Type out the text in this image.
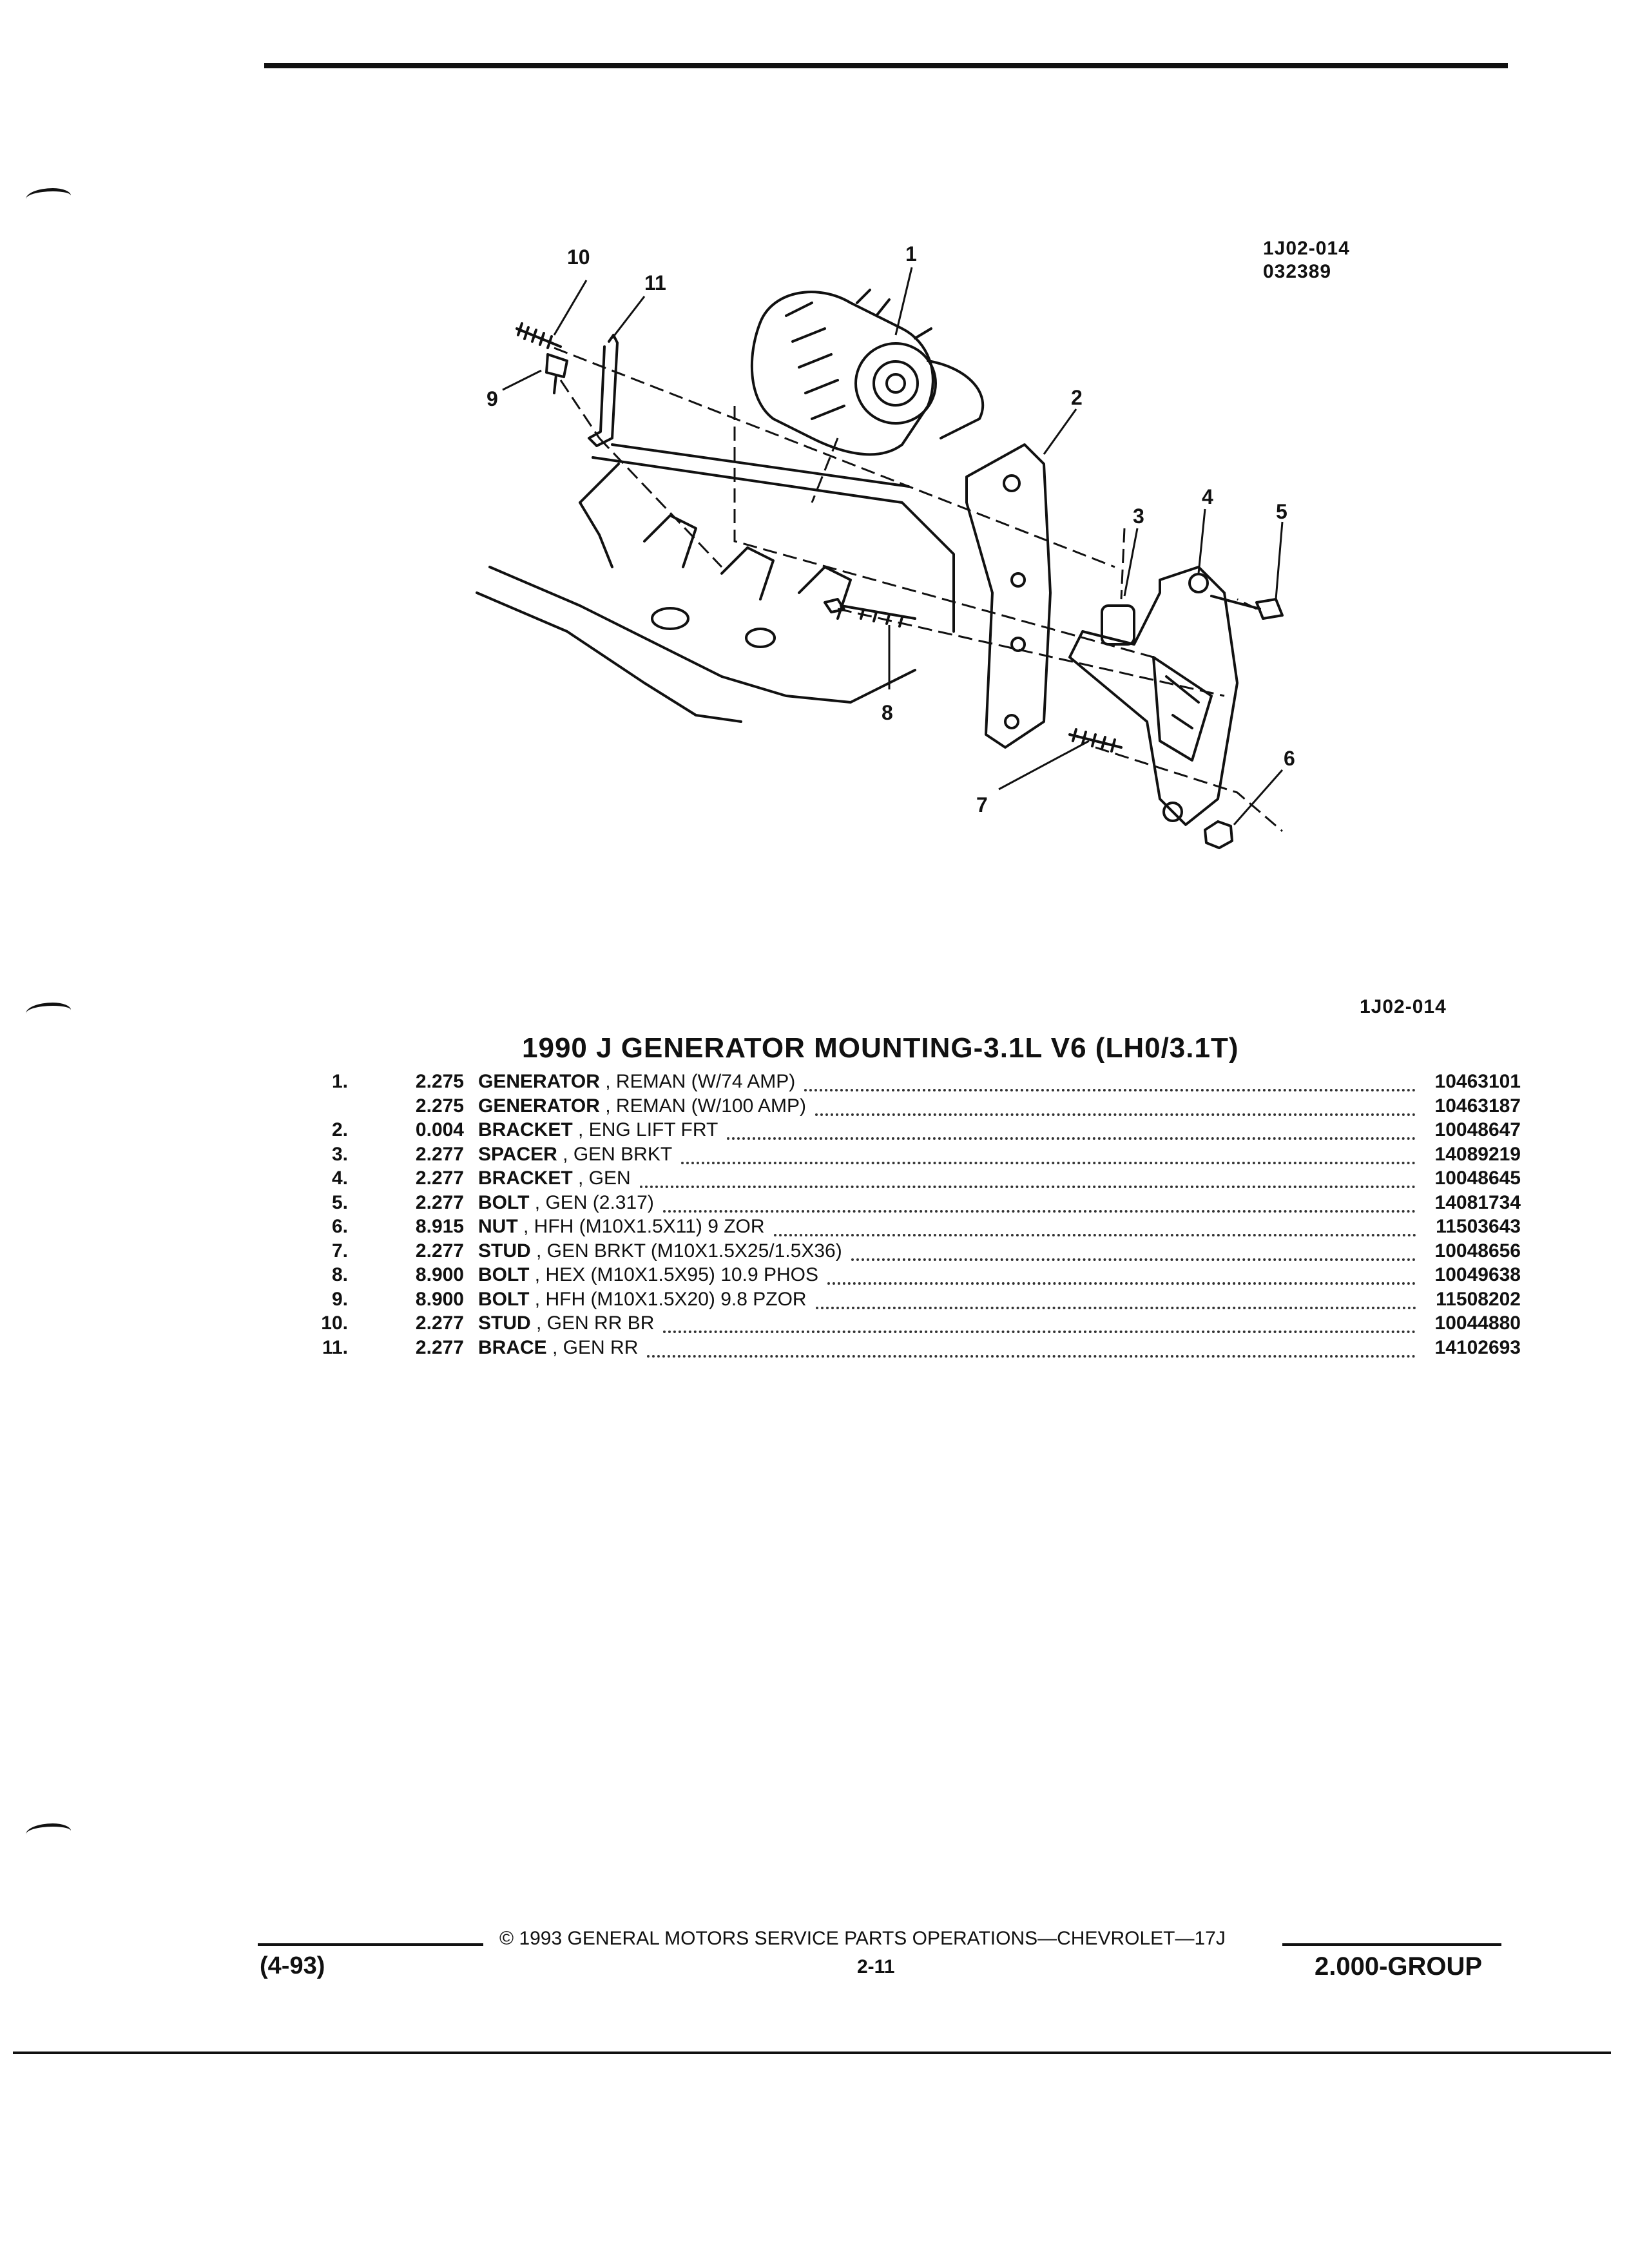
10
11
9
1
2
3
4
5
6
7
8
1J02-014
032389
1J02-014
1990 J GENERATOR MOUNTING-3.1L V6 (LH0/3.1T)
1.	2.275 GENERATOR , REMAN (W/74 AMP)	10463101
2.275 GENERATOR , REMAN (W/100 AMP)	10463187
2.	0.004 BRACKET , ENG LIFT FRT	10048647
3.	2.277 SPACER , GEN BRKT	14089219
4.	2.277 BRACKET , GEN	10048645
5.	2.277 BOLT , GEN (2.317)	14081734
6.	8.915 NUT , HFH (M10X1.5X11) 9 ZOR	11503643
7.	2.277 STUD , GEN BRKT (M10X1.5X25/1.5X36)	10048656
8.	8.900 BOLT , HEX (M10X1.5X95) 10.9 PHOS	10049638
9.	8.900 BOLT , HFH (M10X1.5X20) 9.8 PZOR	11508202
10.	2.277 STUD , GEN RR BR	10044880
11.	2.277 BRACE , GEN RR	14102693
© 1993 GENERAL MOTORS SERVICE PARTS OPERATIONS—CHEVROLET—17J
(4-93)	2-11	2.000-GROUP
